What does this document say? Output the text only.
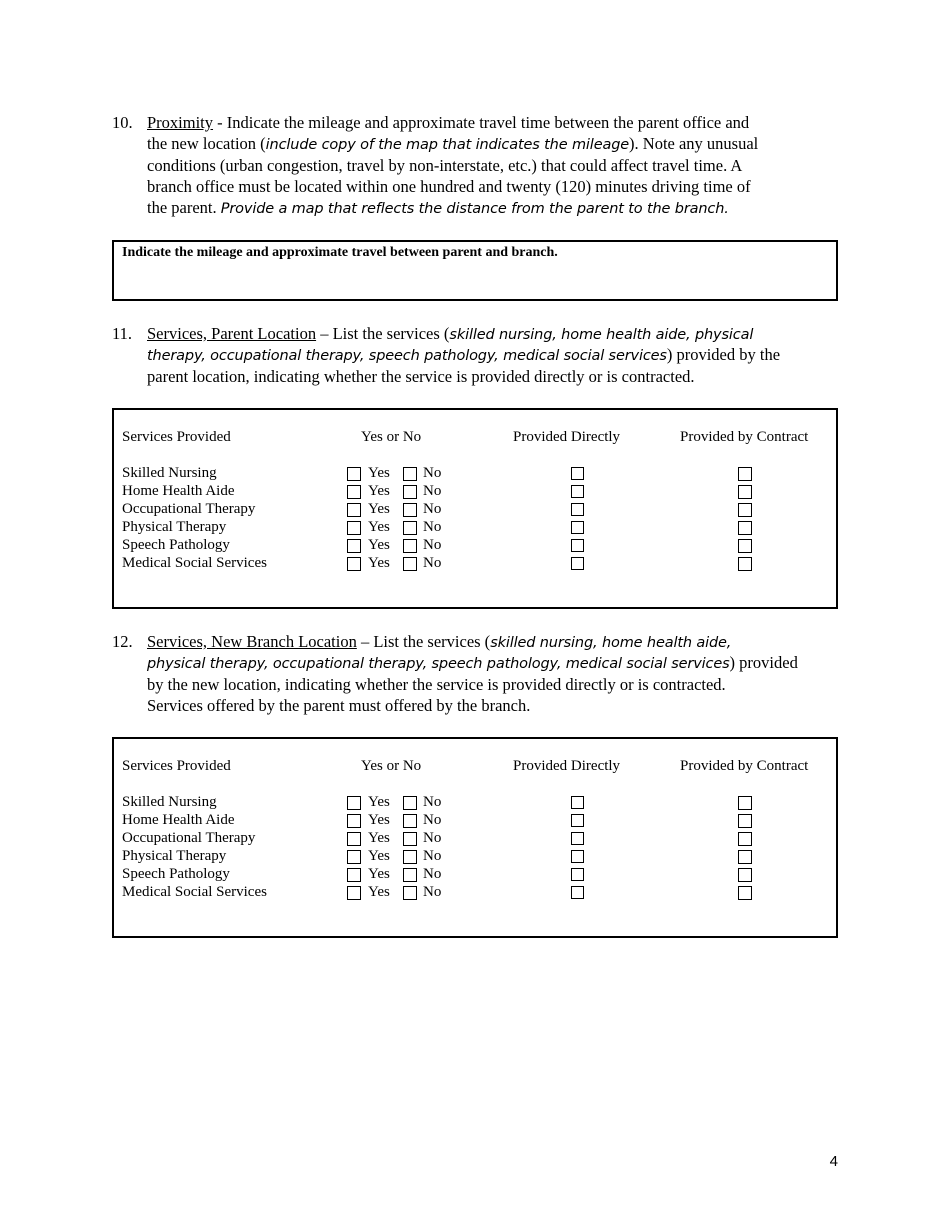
10. Proximity - Indicate the mileage and approximate travel time between the parent office and
the new location (include copy of the map that indicates the mileage). Note any unusual
conditions (urban congestion, travel by non-interstate, etc.) that could affect travel time. A
branch office must be located within one hundred and twenty (120) minutes driving time of
the parent. Provide a map that reflects the distance from the parent to the branch.
Indicate the mileage and approximate travel between parent and branch.
11. Services, Parent Location – List the services (skilled nursing, home health aide, physical
therapy, occupational therapy, speech pathology, medical social services) provided by the
parent location, indicating whether the service is provided directly or is contracted.
Services Provided	Yes or No	Provided Directly	Provided by Contract
Skilled Nursing	Yes No
Home Health Aide	Yes No
Occupational Therapy	Yes No
Physical Therapy	Yes No
Speech Pathology	Yes No
Medical Social Services	Yes No
12. Services, New Branch Location – List the services (skilled nursing, home health aide,
physical therapy, occupational therapy, speech pathology, medical social services) provided
by the new location, indicating whether the service is provided directly or is contracted.
Services offered by the parent must offered by the branch.
Services Provided	Yes or No	Provided Directly	Provided by Contract
Skilled Nursing	Yes No
Home Health Aide	Yes No
Occupational Therapy	Yes No
Physical Therapy	Yes No
Speech Pathology	Yes No
Medical Social Services	Yes No
4
